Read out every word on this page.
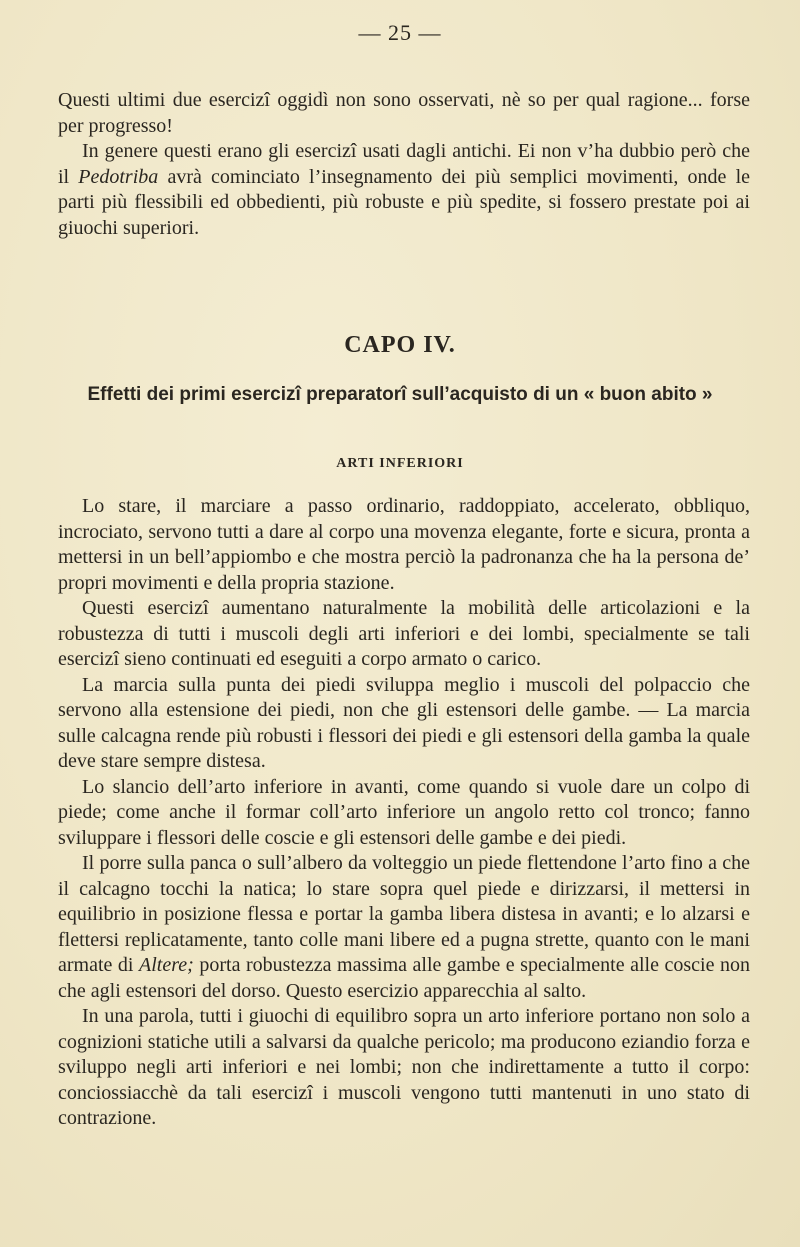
— 25 —

Questi ultimi due esercizî oggidì non sono osservati, nè so per qual ragione... forse per progresso!

In genere questi erano gli esercizî usati dagli antichi. Ei non v’ha dubbio però che il Pedotriba avrà cominciato l’insegnamento dei più semplici movimenti, onde le parti più flessibili ed obbedienti, più robuste e più spedite, si fossero prestate poi ai giuochi superiori.

CAPO IV.
Effetti dei primi esercizî preparatorî sull’acquisto di un « buon abito »
ARTI INFERIORI

Lo stare, il marciare a passo ordinario, raddoppiato, accelerato, obbliquo, incrociato, servono tutti a dare al corpo una movenza elegante, forte e sicura, pronta a mettersi in un bell’appiombo e che mostra perciò la padronanza che ha la persona de’ propri movimenti e della propria stazione.

Questi esercizî aumentano naturalmente la mobilità delle articolazioni e la robustezza di tutti i muscoli degli arti inferiori e dei lombi, specialmente se tali esercizî sieno continuati ed eseguiti a corpo armato o carico.

La marcia sulla punta dei piedi sviluppa meglio i muscoli del polpaccio che servono alla estensione dei piedi, non che gli estensori delle gambe. — La marcia sulle calcagna rende più robusti i flessori dei piedi e gli estensori della gamba la quale deve stare sempre distesa.

Lo slancio dell’arto inferiore in avanti, come quando si vuole dare un colpo di piede; come anche il formar coll’arto inferiore un angolo retto col tronco; fanno sviluppare i flessori delle coscie e gli estensori delle gambe e dei piedi.

Il porre sulla panca o sull’albero da volteggio un piede flettendone l’arto fino a che il calcagno tocchi la natica; lo stare sopra quel piede e dirizzarsi, il mettersi in equilibrio in posizione flessa e portar la gamba libera distesa in avanti; e lo alzarsi e flettersi replicatamente, tanto colle mani libere ed a pugna strette, quanto con le mani armate di Altere; porta robustezza massima alle gambe e specialmente alle coscie non che agli estensori del dorso. Questo esercizio apparecchia al salto.

In una parola, tutti i giuochi di equilibro sopra un arto inferiore portano non solo a cognizioni statiche utili a salvarsi da qualche pericolo; ma producono eziandio forza e sviluppo negli arti inferiori e nei lombi; non che indirettamente a tutto il corpo: conciossiacchè da tali esercizî i muscoli vengono tutti mantenuti in uno stato di contrazione.
